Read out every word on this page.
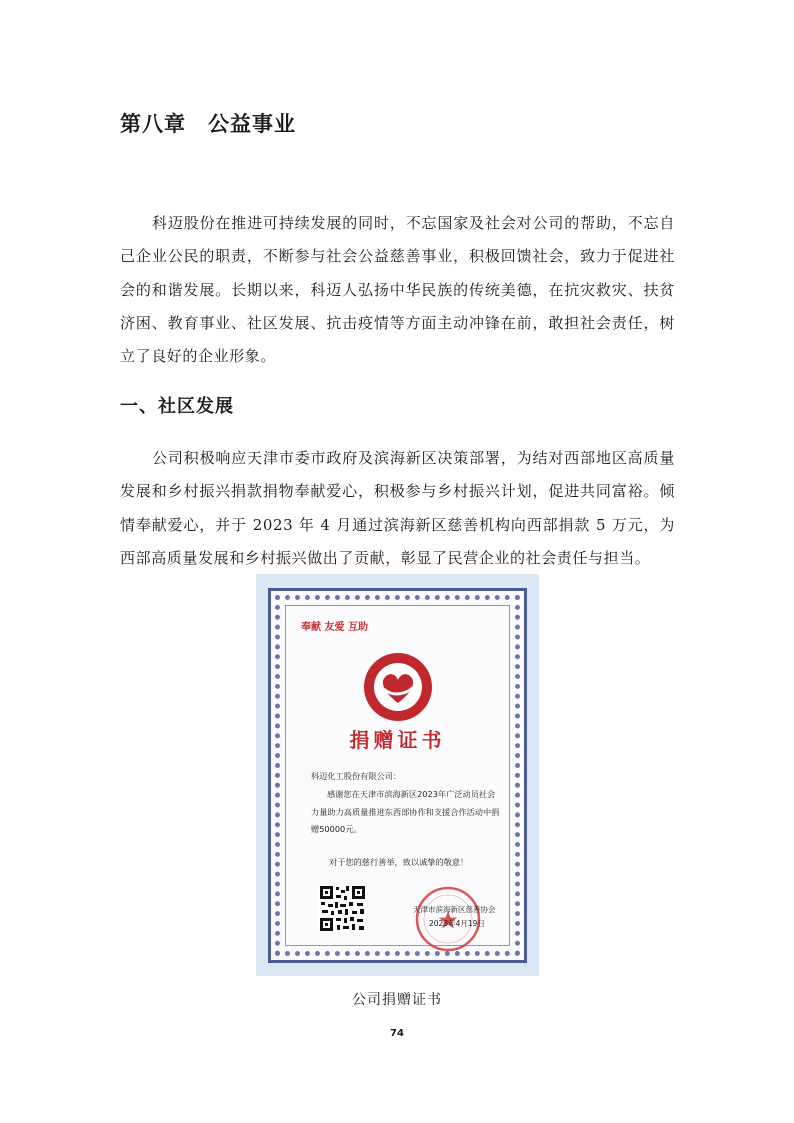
第八章　公益事业

科迈股份在推进可持续发展的同时，不忘国家及社会对公司的帮助，不忘自己企业公民的职责，不断参与社会公益慈善事业，积极回馈社会，致力于促进社会的和谐发展。长期以来，科迈人弘扬中华民族的传统美德，在抗灾救灾、扶贫济困、教育事业、社区发展、抗击疫情等方面主动冲锋在前，敢担社会责任，树立了良好的企业形象。

一、社区发展

公司积极响应天津市委市政府及滨海新区决策部署，为结对西部地区高质量发展和乡村振兴捐款捐物奉献爱心，积极参与乡村振兴计划，促进共同富裕。倾情奉献爱心，并于 2023 年 4 月通过滨海新区慈善机构向西部捐款 5 万元，为西部高质量发展和乡村振兴做出了贡献，彰显了民营企业的社会责任与担当。

奉献 友爱 互助
捐赠证书
科迈化工股份有限公司：
感谢您在天津市滨海新区2023年广泛动员社会力量助力高质量推进东西部协作和支援合作活动中捐赠50000元。
对于您的慈行善举，致以诚挚的敬意！
天津市滨海新区慈善协会
2023年4月19日
公司捐赠证书
74
